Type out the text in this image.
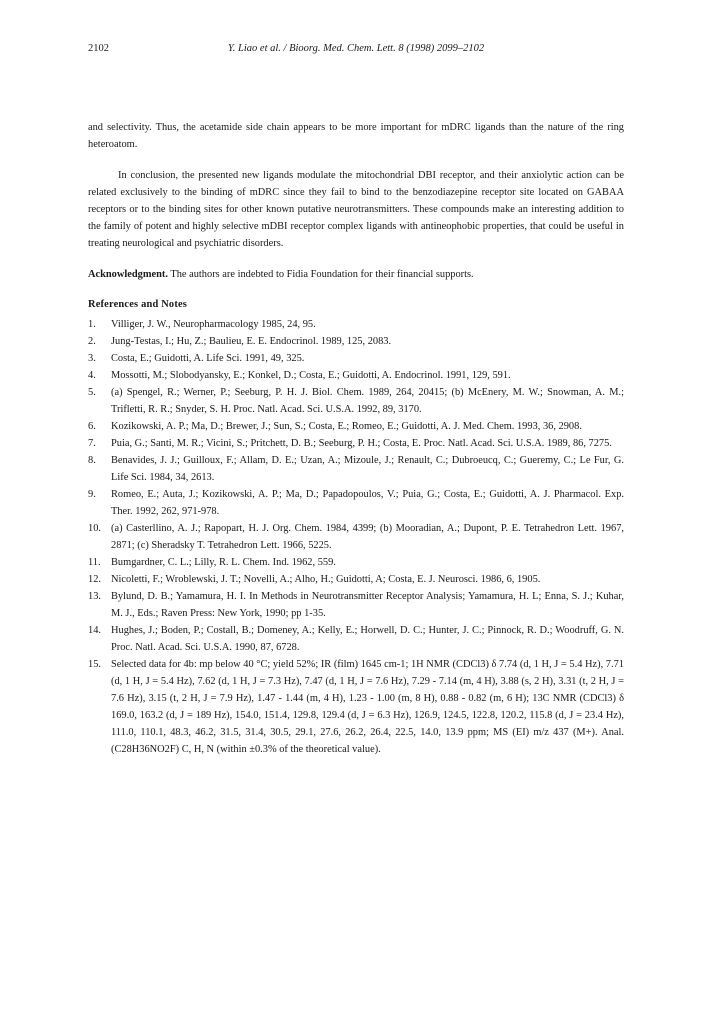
2102	Y. Liao et al. / Bioorg. Med. Chem. Lett. 8 (1998) 2099–2102

and selectivity. Thus, the acetamide side chain appears to be more important for mDRC ligands than the nature of the ring heteroatom.

In conclusion, the presented new ligands modulate the mitochondrial DBI receptor, and their anxiolytic action can be related exclusively to the binding of mDRC since they fail to bind to the benzodiazepine receptor site located on GABAA receptors or to the binding sites for other known putative neurotransmitters. These compounds make an interesting addition to the family of potent and highly selective mDBI receptor complex ligands with antineophobic properties, that could be useful in treating neurological and psychiatric disorders.

Acknowledgment. The authors are indebted to Fidia Foundation for their financial supports.

References and Notes
1.	Villiger, J. W., Neuropharmacology 1985, 24, 95.
2.	Jung-Testas, I.; Hu, Z.; Baulieu, E. E. Endocrinol. 1989, 125, 2083.
3.	Costa, E.; Guidotti, A. Life Sci. 1991, 49, 325.
4.	Mossotti, M.; Slobodyansky, E.; Konkel, D.; Costa, E.; Guidotti, A. Endocrinol. 1991, 129, 591.
5.	(a) Spengel, R.; Werner, P.; Seeburg, P. H. J. Biol. Chem. 1989, 264, 20415; (b) McEnery, M. W.; Snowman, A. M.; Trifletti, R. R.; Snyder, S. H. Proc. Natl. Acad. Sci. U.S.A. 1992, 89, 3170.
6.	Kozikowski, A. P.; Ma, D.; Brewer, J.; Sun, S.; Costa, E.; Romeo, E.; Guidotti, A. J. Med. Chem. 1993, 36, 2908.
7.	Puia, G.; Santi, M. R.; Vicini, S.; Pritchett, D. B.; Seeburg, P. H.; Costa, E. Proc. Natl. Acad. Sci. U.S.A. 1989, 86, 7275.
8.	Benavides, J. J.; Guilloux, F.; Allam, D. E.; Uzan, A.; Mizoule, J.; Renault, C.; Dubroeucq, C.; Gueremy, C.; Le Fur, G. Life Sci. 1984, 34, 2613.
9.	Romeo, E.; Auta, J.; Kozikowski, A. P.; Ma, D.; Papadopoulos, V.; Puia, G.; Costa, E.; Guidotti, A. J. Pharmacol. Exp. Ther. 1992, 262, 971-978.
10. (a) Casterllino, A. J.; Rapopart, H. J. Org. Chem. 1984, 4399; (b) Mooradian, A.; Dupont, P. E. Tetrahedron Lett. 1967, 2871; (c) Sheradsky T. Tetrahedron Lett. 1966, 5225.
11. Bumgardner, C. L.; Lilly, R. L. Chem. Ind. 1962, 559.
12. Nicoletti, F.; Wroblewski, J. T.; Novelli, A.; Alho, H.; Guidotti, A; Costa, E. J. Neurosci. 1986, 6, 1905.
13. Bylund, D. B.; Yamamura, H. I. In Methods in Neurotransmitter Receptor Analysis; Yamamura, H. L; Enna, S. J.; Kuhar, M. J., Eds.; Raven Press: New York, 1990; pp 1-35.
14. Hughes, J.; Boden, P.; Costall, B.; Domeney, A.; Kelly, E.; Horwell, D. C.; Hunter, J. C.; Pinnock, R. D.; Woodruff, G. N. Proc. Natl. Acad. Sci. U.S.A. 1990, 87, 6728.
15. Selected data for 4b: mp below 40 °C; yield 52%; IR (film) 1645 cm-1; 1H NMR (CDCl3) δ 7.74 (d, 1 H, J = 5.4 Hz), 7.71 (d, 1 H, J = 5.4 Hz), 7.62 (d, 1 H, J = 7.3 Hz), 7.47 (d, 1 H, J = 7.6 Hz), 7.29 - 7.14 (m, 4 H), 3.88 (s, 2 H), 3.31 (t, 2 H, J = 7.6 Hz), 3.15 (t, 2 H, J = 7.9 Hz), 1.47 - 1.44 (m, 4 H), 1.23 - 1.00 (m, 8 H), 0.88 - 0.82 (m, 6 H); 13C NMR (CDCl3) δ 169.0, 163.2 (d, J = 189 Hz), 154.0, 151.4, 129.8, 129.4 (d, J = 6.3 Hz), 126.9, 124.5, 122.8, 120.2, 115.8 (d, J = 23.4 Hz), 111.0, 110.1, 48.3, 46.2, 31.5, 31.4, 30.5, 29.1, 27.6, 26.2, 26.4, 22.5, 14.0, 13.9 ppm; MS (EI) m/z 437 (M+). Anal. (C28H36NO2F) C, H, N (within ±0.3% of the theoretical value).
